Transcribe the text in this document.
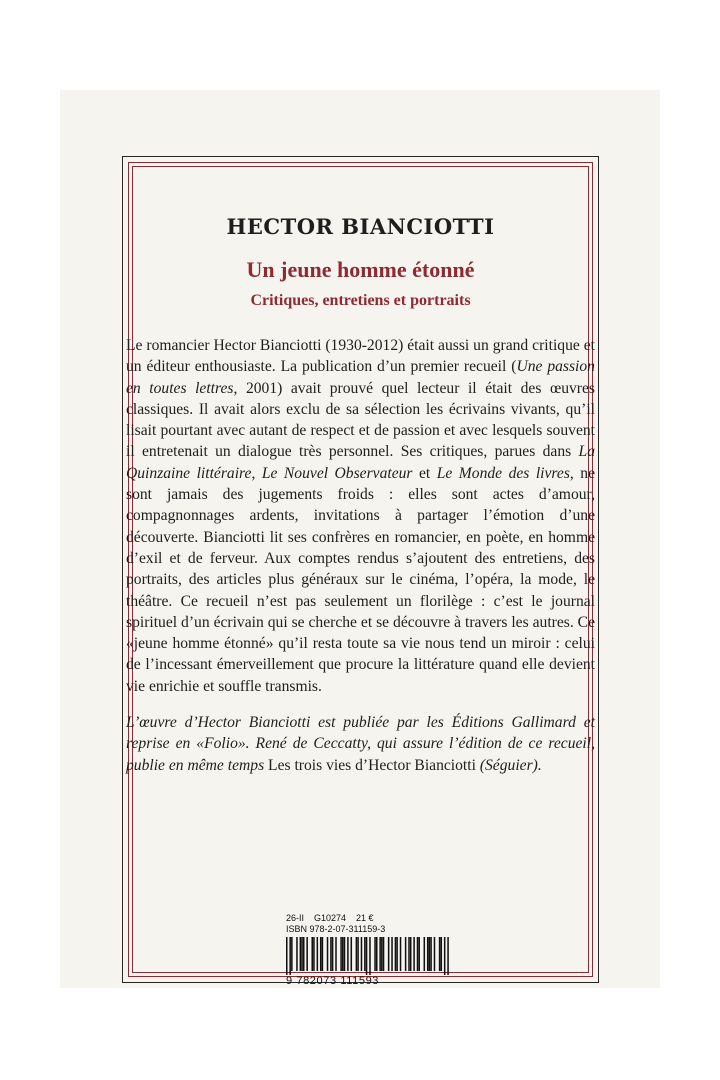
HECTOR BIANCIOTTI
Un jeune homme étonné
Critiques, entretiens et portraits

Le romancier Hector Bianciotti (1930-2012) était aussi un grand critique et un éditeur enthousiaste. La publication d’un premier recueil (Une passion en toutes lettres, 2001) avait prouvé quel lecteur il était des œuvres classiques. Il avait alors exclu de sa sélection les écrivains vivants, qu’il lisait pourtant avec autant de respect et de passion et avec lesquels souvent il entretenait un dialogue très personnel. Ses critiques, parues dans La Quinzaine littéraire, Le Nouvel Observateur et Le Monde des livres, ne sont jamais des jugements froids : elles sont actes d’amour, compagnonnages ardents, invitations à partager l’émotion d’une découverte. Bianciotti lit ses confrères en romancier, en poète, en homme d’exil et de ferveur. Aux comptes rendus s’ajoutent des entretiens, des portraits, des articles plus généraux sur le cinéma, l’opéra, la mode, le théâtre. Ce recueil n’est pas seulement un florilège : c’est le journal spirituel d’un écrivain qui se cherche et se découvre à travers les autres. Ce «jeune homme étonné» qu’il resta toute sa vie nous tend un miroir : celui de l’incessant émerveillement que procure la littérature quand elle devient vie enrichie et souffle transmis.

L’œuvre d’Hector Bianciotti est publiée par les Éditions Gallimard et reprise en «Folio». René de Ceccatty, qui assure l’édition de ce recueil, publie en même temps Les trois vies d’Hector Bianciotti (Séguier).

26-II G10274 21 €
ISBN 978-2-07-311159-3
9 782073 111593
